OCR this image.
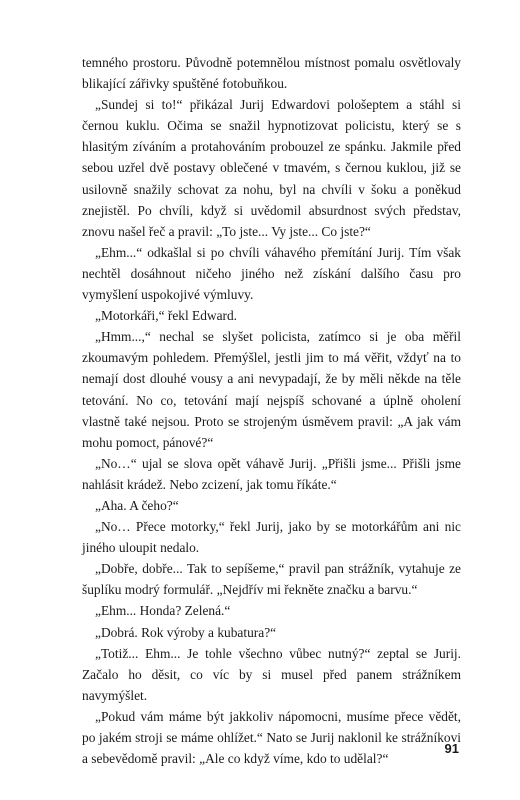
temného prostoru. Původně potemnělou místnost pomalu osvětlovaly blikající zářivky spuštěné fotobuňkou.

„Sundej si to!“ přikázal Jurij Edwardovi pološeptem a stáhl si černou kuklu. Očima se snažil hypnotizovat policistu, který se s hlasitým zíváním a protahováním probouzel ze spánku. Jakmile před sebou uzřel dvě postavy oblečené v tmavém, s černou kuklou, již se usilovně snažily schovat za nohu, byl na chvíli v šoku a poněkud znejistěl. Po chvíli, když si uvědomil absurdnost svých představ, znovu našel řeč a pravil: „To jste... Vy jste... Co jste?“

„Ehm...“ odkašlal si po chvíli váhavého přemítání Jurij. Tím však nechtěl dosáhnout ničeho jiného než získání dalšího času pro vymyšlení uspokojivé výmluvy.

„Motorkáři,“ řekl Edward.

„Hmm...,“ nechal se slyšet policista, zatímco si je oba měřil zkoumavým pohledem. Přemýšlel, jestli jim to má věřit, vždyť na to nemají dost dlouhé vousy a ani nevypadají, že by měli někde na těle tetování. No co, tetování mají nejspíš schované a úplně oholení vlastně také nejsou. Proto se strojeným úsměvem pravil: „A jak vám mohu pomoct, pánové?“

„No…“ ujal se slova opět váhavě Jurij. „Přišli jsme... Přišli jsme nahlásit krádež. Nebo zcizení, jak tomu říkáte.“

„Aha. A čeho?“

„No… Přece motorky,“ řekl Jurij, jako by se motorkářům ani nic jiného uloupit nedalo.

„Dobře, dobře... Tak to sepíšeme,“ pravil pan strážník, vytahuje ze šuplíku modrý formulář. „Nejdřív mi řekněte značku a barvu.“

„Ehm... Honda? Zelená.“

„Dobrá. Rok výroby a kubatura?“

„Totiž... Ehm... Je tohle všechno vůbec nutný?“ zeptal se Jurij. Začalo ho děsit, co víc by si musel před panem strážníkem navymýšlet.

„Pokud vám máme být jakkoliv nápomocni, musíme přece vědět, po jakém stroji se máme ohlížet.“ Nato se Jurij naklonil ke strážníkovi a sebevědomě pravil: „Ale co když víme, kdo to udělal?“

91
